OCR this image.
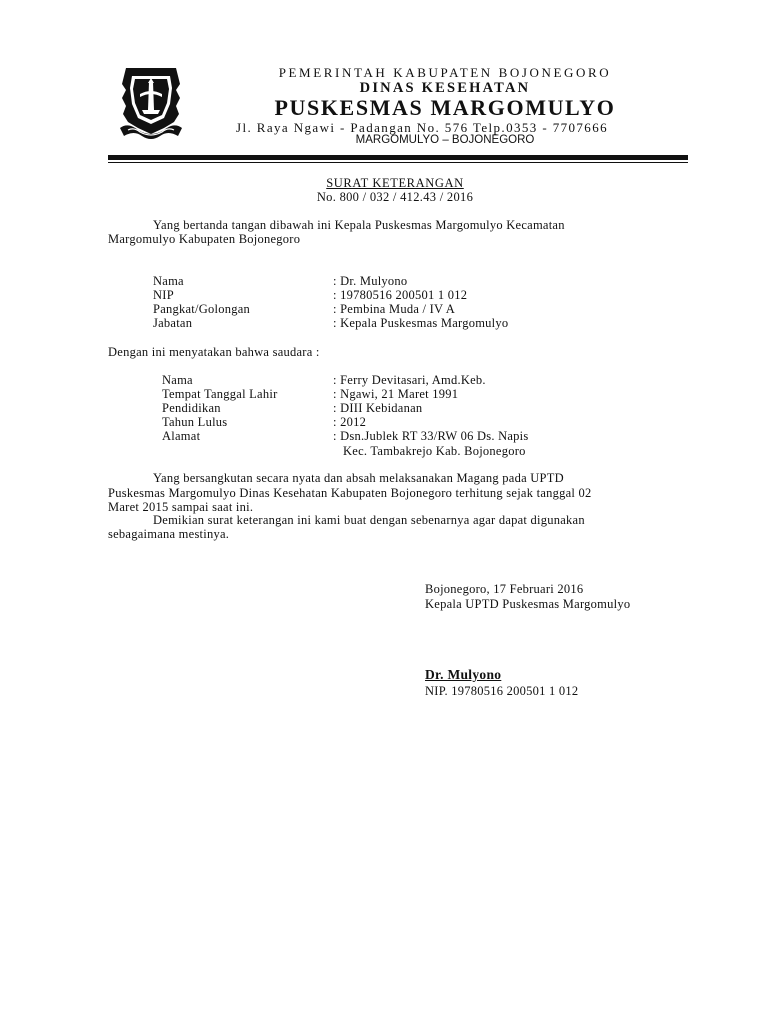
PEMERINTAH KABUPATEN BOJONEGORO
DINAS KESEHATAN
PUSKESMAS MARGOMULYO
Jl. Raya Ngawi - Padangan No. 576 Telp.0353 - 7707666
MARGOMULYO – BOJONEGORO
SURAT KETERANGAN
No. 800 / 032 / 412.43 / 2016
Yang bertanda tangan dibawah ini Kepala Puskesmas Margomulyo Kecamatan
Margomulyo Kabupaten Bojonegoro
Nama	: Dr. Mulyono
NIP	: 19780516 200501 1 012
Pangkat/Golongan	: Pembina Muda / IV A
Jabatan	: Kepala Puskesmas Margomulyo
Dengan ini menyatakan bahwa saudara :
Nama	: Ferry Devitasari, Amd.Keb.
Tempat Tanggal Lahir	: Ngawi, 21 Maret 1991
Pendidikan	: DIII Kebidanan
Tahun Lulus	: 2012
Alamat	: Dsn.Jublek RT 33/RW 06 Ds. Napis
Kec. Tambakrejo Kab. Bojonegoro
Yang bersangkutan secara nyata dan absah melaksanakan Magang pada UPTD
Puskesmas Margomulyo Dinas Kesehatan Kabupaten Bojonegoro terhitung sejak tanggal 02
Maret 2015 sampai saat ini.
Demikian surat keterangan ini kami buat dengan sebenarnya agar dapat digunakan
sebagaimana mestinya.
Bojonegoro, 17 Februari 2016
Kepala UPTD Puskesmas Margomulyo
Dr. Mulyono
NIP. 19780516 200501 1 012
